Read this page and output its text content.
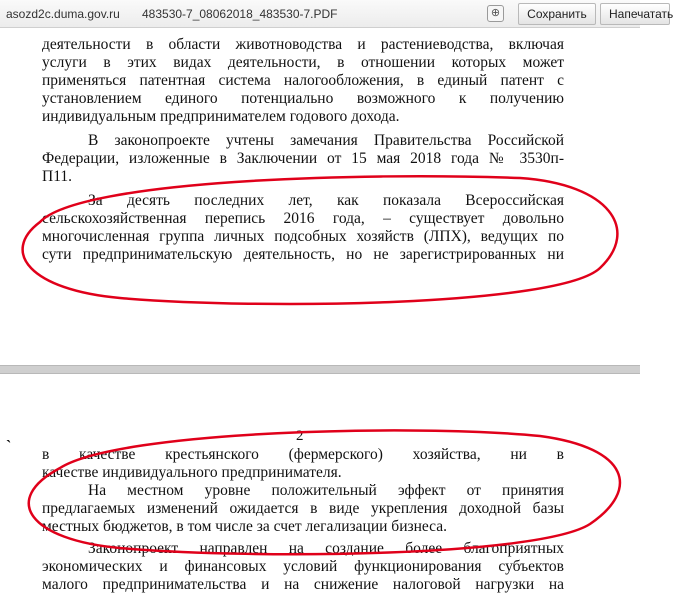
asozd2c.duma.gov.ru 483530-7_08062018_483530-7.PDF	⊕	Сохранить	Напечатать
деятельности в области животноводства и растениеводства, включая
услуги в этих видах деятельности, в отношении которых может
применяться патентная система налогообложения, в единый патент с
установлением единого потенциально возможного к получению
индивидуальным предпринимателем годового дохода.
В законопроекте учтены замечания Правительства Российской
Федерации, изложенные в Заключении от 15 мая 2018 года № 3530п-
П11.
За десять последних лет, как показала Всероссийская
сельскохозяйственная перепись 2016 года, – существует довольно
многочисленная группа личных подсобных хозяйств (ЛПХ), ведущих по
сути предпринимательскую деятельность, но не зарегистрированных ни
ˋ
2
в качестве крестьянского (фермерского) хозяйства, ни в
качестве индивидуального предпринимателя.
На местном уровне положительный эффект от принятия
предлагаемых изменений ожидается в виде укрепления доходной базы
местных бюджетов, в том числе за счет легализации бизнеса.
Законопроект направлен на создание более благоприятных
экономических и финансовых условий функционирования субъектов
малого предпринимательства и на снижение налоговой нагрузки на
